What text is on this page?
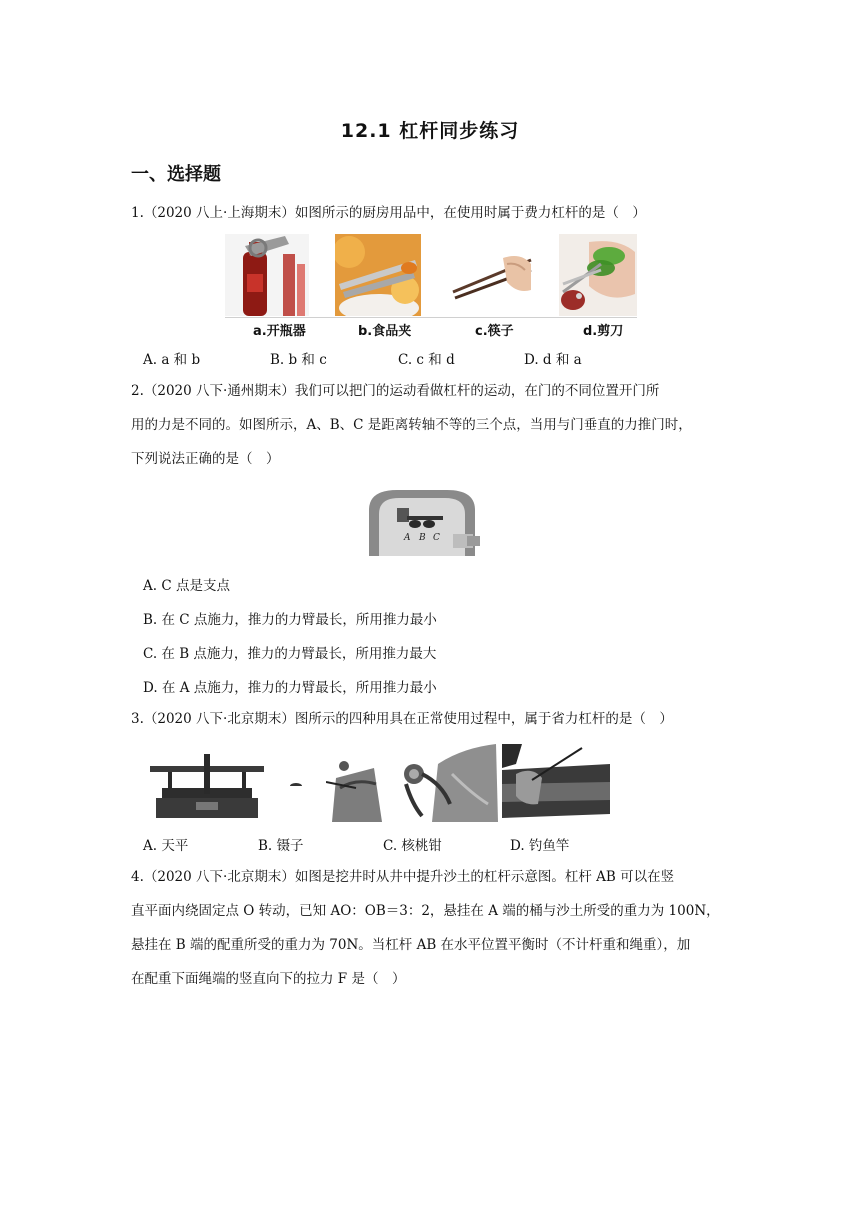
12.1 杠杆同步练习
一、选择题
1.（2020 八上·上海期末）如图所示的厨房用品中，在使用时属于费力杠杆的是（　）
a.开瓶器	b.食品夹	c.筷子	d.剪刀
A. a 和 b	B. b 和 c	C. c 和 d	D. d 和 a
2.（2020 八下·通州期末）我们可以把门的运动看做杠杆的运动，在门的不同位置开门所
用的力是不同的。如图所示，A、B、C 是距离转轴不等的三个点，当用与门垂直的力推门时，
下列说法正确的是（　）
A B C
A. C 点是支点
B. 在 C 点施力，推力的力臂最长，所用推力最小
C. 在 B 点施力，推力的力臂最长，所用推力最大
D. 在 A 点施力，推力的力臂最长，所用推力最小
3.（2020 八下·北京期末）图所示的四种用具在正常使用过程中，属于省力杠杆的是（　）
A. 天平	B. 镊子	C. 核桃钳	D. 钓鱼竿
4.（2020 八下·北京期末）如图是挖井时从井中提升沙土的杠杆示意图。杠杆 AB 可以在竖
直平面内绕固定点 O 转动，已知 AO：OB＝3：2，悬挂在 A 端的桶与沙土所受的重力为 100N，
悬挂在 B 端的配重所受的重力为 70N。当杠杆 AB 在水平位置平衡时（不计杆重和绳重），加
在配重下面绳端的竖直向下的拉力 F 是（　）
